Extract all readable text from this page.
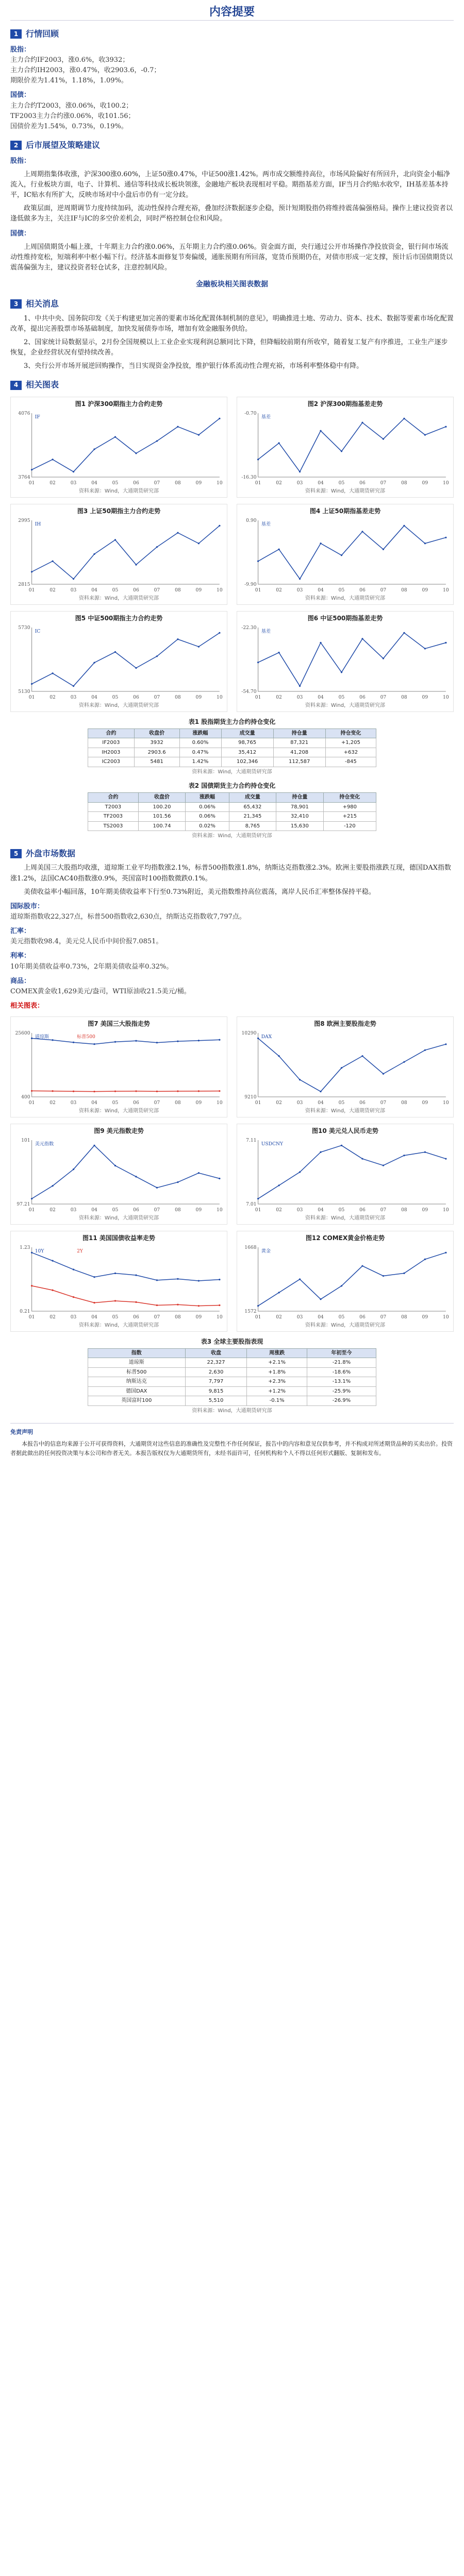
内容提要
1 行情回顾
股指：
主力合约IF2003，涨0.6%，收3932；
主力合约IH2003，涨0.47%，收2903.6，-0.7；
期限价差为1.41%，1.18%，1.09%。
国债：
主力合约T2003，涨0.06%，收100.2；
TF2003主力合约涨0.06%，收101.56；
国债价差为1.54%，0.73%，0.19%。
2 后市展望及策略建议
股指：
上周期指集体收涨，沪深300涨0.60%，上证50涨0.47%，中证500涨1.42%。两市成交额维持高位，市场风险偏好有所回升，北向资金小幅净流入，行业板块方面，电子、计算机、通信等科技成长板块领涨，金融地产板块表现相对平稳。期指基差方面，IF当月合约贴水收窄，IH基差基本持平，IC贴水有所扩大，反映市场对中小盘后市仍有一定分歧。
政策层面，逆周期调节力度持续加码，流动性保持合理充裕，叠加经济数据逐步企稳，预计短期股指仍将维持震荡偏强格局。操作上建议投资者以逢低做多为主，关注IF与IC的多空价差机会，同时严格控制仓位和风险。
国债：
上周国债期货小幅上涨，十年期主力合约涨0.06%，五年期主力合约涨0.06%。资金面方面，央行通过公开市场操作净投放资金，银行间市场流动性维持宽松，短端利率中枢小幅下行。经济基本面修复节奏偏缓，通胀预期有所回落，宽货币预期仍在，对债市形成一定支撑，预计后市国债期货以震荡偏强为主，建议投资者轻仓试多，注意控制风险。
金融板块相关图表数据
3 相关消息
1、中共中央、国务院印发《关于构建更加完善的要素市场化配置体制机制的意见》，明确推进土地、劳动力、资本、技术、数据等要素市场化配置改革，提出完善股票市场基础制度，加快发展债券市场，增加有效金融服务供给。
2、国家统计局数据显示，2月份全国规模以上工业企业实现利润总额同比下降，但降幅较前期有所收窄，随着复工复产有序推进，工业生产逐步恢复，企业经营状况有望持续改善。
3、央行公开市场开展逆回购操作，当日实现资金净投放，维护银行体系流动性合理充裕，市场利率整体稳中有降。
4 相关图表
图1 沪深300期指主力合约走势
01	02	03	04	05	06	07	08	09	10
3764
4076
IF
资料来源：Wind，大通期货研究部
图2 沪深300期指基差走势
01	02	03	04	05	06	07	08	09	10
-16.30
-0.70
基差
资料来源：Wind，大通期货研究部
图3 上证50期指主力合约走势
01	02	03	04	05	06	07	08	09	10
2815
2995
IH
资料来源：Wind，大通期货研究部
图4 上证50期指基差走势
01	02	03	04	05	06	07	08	09	10
-9.90
0.90
基差
资料来源：Wind，大通期货研究部
图5 中证500期指主力合约走势
01	02	03	04	05	06	07	08	09	10
5130
5730
IC
资料来源：Wind，大通期货研究部
图6 中证500期指基差走势
01	02	03	04	05	06	07	08	09	10
-54.70
-22.30
基差
资料来源：Wind，大通期货研究部
表1 股指期货主力合约持仓变化
合约	收盘价	涨跌幅	成交量	持仓量	持仓变化
IF2003	3932	0.60%	98,765	87,321	+1,205
IH2003	2903.6	0.47%	35,412	41,208	+632
IC2003	5481	1.42%	102,346	112,587	-845
资料来源：Wind，大通期货研究部
表2 国债期货主力合约持仓变化
合约	收盘价	涨跌幅	成交量	持仓量	持仓变化
T2003	100.20	0.06%	65,432	78,901	+980
TF2003	101.56	0.06%	21,345	32,410	+215
TS2003	100.74	0.02%	8,765	15,630	-120
资料来源：Wind，大通期货研究部
5 外盘市场数据
上周美国三大股指均收涨，道琼斯工业平均指数涨2.1%，标普500指数涨1.8%，纳斯达克指数涨2.3%。欧洲主要股指涨跌互现，德国DAX指数涨1.2%，法国CAC40指数涨0.9%，英国富时100指数微跌0.1%。
美债收益率小幅回落，10年期美债收益率下行至0.73%附近，美元指数维持高位震荡，离岸人民币汇率整体保持平稳。
国际股市：
道琼斯指数收22,327点，标普500指数收2,630点，纳斯达克指数收7,797点。
汇率：
美元指数收98.4，美元兑人民币中间价报7.0851。
利率：
10年期美债收益率0.73%，2年期美债收益率0.32%。
商品：
COMEX黄金收1,629美元/盎司，WTI原油收21.5美元/桶。
相关图表：
图7 美国三大股指走势
01	02	03	04	05	06	07	08	09	10
400
25600
道琼斯	标普500
资料来源：Wind，大通期货研究部
图8 欧洲主要股指走势
01	02	03	04	05	06	07	08	09	10
9210
10290
DAX
资料来源：Wind，大通期货研究部
图9 美元指数走势
01	02	03	04	05	06	07	08	09	10
97.21
101
美元指数
资料来源：Wind，大通期货研究部
图10 美元兑人民币走势
01	02	03	04	05	06	07	08	09	10
7.01
7.11
USDCNY
资料来源：Wind，大通期货研究部
图11 美国国债收益率走势
01	02	03	04	05	06	07	08	09	10
0.21
1.23
10Y	2Y
资料来源：Wind，大通期货研究部
图12 COMEX黄金价格走势
01	02	03	04	05	06	07	08	09	10
1572
1668
黄金
资料来源：Wind，大通期货研究部
表3 全球主要股指表现
指数	收盘	周涨跌	年初至今
道琼斯	22,327	+2.1%	-21.8%
标普500	2,630	+1.8%	-18.6%
纳斯达克	7,797	+2.3%	-13.1%
德国DAX	9,815	+1.2%	-25.9%
英国富时100	5,510	-0.1%	-26.9%
资料来源：Wind，大通期货研究部
免责声明
本报告中的信息均来源于公开可获得资料，大通期货对这些信息的准确性及完整性不作任何保证，报告中的内容和意见仅供参考，并不构成对所述期货品种的买卖出价。投资者据此做出的任何投资决策与本公司和作者无关。本报告版权仅为大通期货所有，未经书面许可，任何机构和个人不得以任何形式翻版、复制和发布。
